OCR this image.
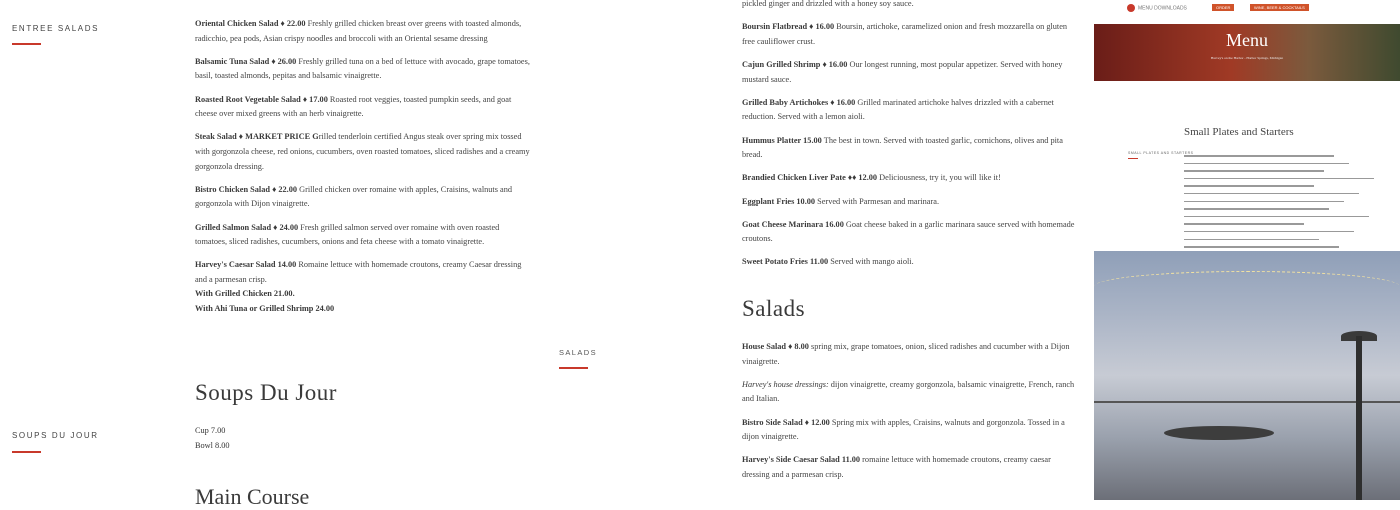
ENTREE SALADS
SOUPS DU JOUR
Oriental Chicken Salad ♦ 22.00 Freshly grilled chicken breast over greens with toasted almonds, radicchio, pea pods, Asian crispy noodles and broccoli with an Oriental sesame dressing
Balsamic Tuna Salad ♦ 26.00 Freshly grilled tuna on a bed of lettuce with avocado, grape tomatoes, basil, toasted almonds, pepitas and balsamic vinaigrette.
Roasted Root Vegetable Salad ♦ 17.00 Roasted root veggies, toasted pumpkin seeds, and goat cheese over mixed greens with an herb vinaigrette.
Steak Salad ♦ MARKET PRICE Grilled tenderloin certified Angus steak over spring mix tossed with gorgonzola cheese, red onions, cucumbers, oven roasted tomatoes, sliced radishes and a creamy gorgonzola dressing.
Bistro Chicken Salad ♦ 22.00 Grilled chicken over romaine with apples, Craisins, walnuts and gorgonzola with Dijon vinaigrette.
Grilled Salmon Salad ♦ 24.00 Fresh grilled salmon served over romaine with oven roasted tomatoes, sliced radishes, cucumbers, onions and feta cheese with a tomato vinaigrette.
Harvey's Caesar Salad 14.00 Romaine lettuce with homemade croutons, creamy Caesar dressing and a parmesan crisp.
With Grilled Chicken 21.00.
With Ahi Tuna or Grilled Shrimp 24.00
SALADS
Soups Du Jour
Cup 7.00
Bowl 8.00
Main Course
pickled ginger and drizzled with a honey soy sauce.
Boursin Flatbread ♦ 16.00 Boursin, artichoke, caramelized onion and fresh mozzarella on gluten free cauliflower crust.
Cajun Grilled Shrimp ♦ 16.00 Our longest running, most popular appetizer. Served with honey mustard sauce.
Grilled Baby Artichokes ♦ 16.00 Grilled marinated artichoke halves drizzled with a cabernet reduction. Served with a lemon aioli.
Hummus Platter 15.00 The best in town. Served with toasted garlic, cornichons, olives and pita bread.
Brandied Chicken Liver Pate ♦♦ 12.00 Deliciousness, try it, you will like it!
Eggplant Fries 10.00 Served with Parmesan and marinara.
Goat Cheese Marinara 16.00 Goat cheese baked in a garlic marinara sauce served with homemade croutons.
Sweet Potato Fries 11.00 Served with mango aioli.
Salads
House Salad ♦ 8.00 spring mix, grape tomatoes, onion, sliced radishes and cucumber with a Dijon vinaigrette.
Harvey's house dressings: dijon vinaigrette, creamy gorgonzola, balsamic vinaigrette, French, ranch and Italian.
Bistro Side Salad ♦ 12.00 Spring mix with apples, Craisins, walnuts and gorgonzola. Tossed in a dijon vinaigrette.
Harvey's Side Caesar Salad 11.00 romaine lettuce with homemade croutons, creamy caesar dressing and a parmesan crisp.
Menu
Harvey's on the Harbor - Harbor Springs, Michigan
MENU DOWNLOADS	ORDER	WINE, BEER & COCKTAILS
Small Plates and Starters
SMALL PLATES AND STARTERS
